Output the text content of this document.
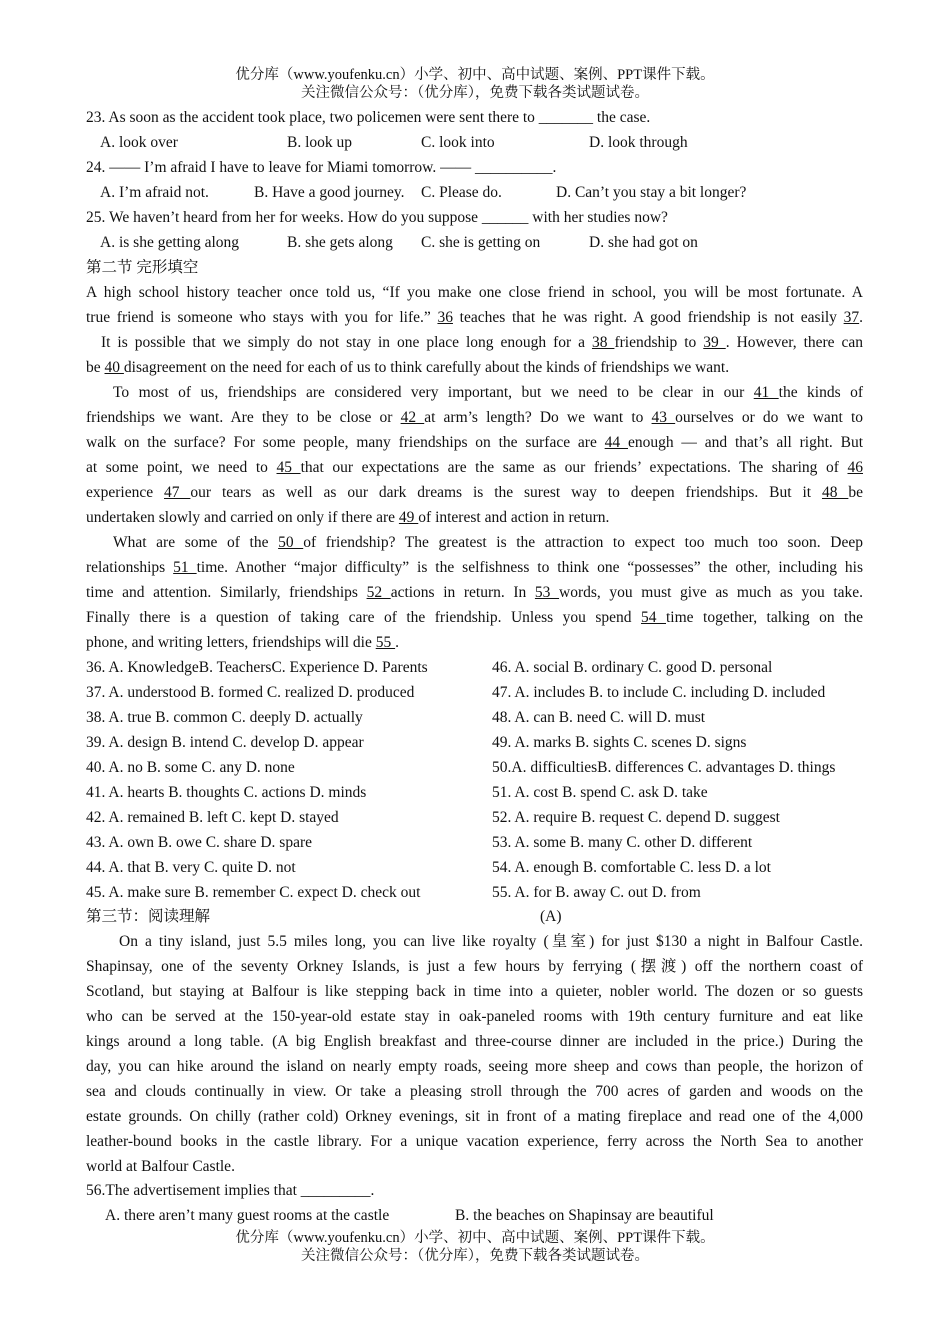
优分库（www.youfenku.cn）小学、初中、高中试题、案例、PPT课件下载。
关注微信公众号：（优分库），免费下载各类试题试卷。
23. As soon as the accident took place, two policemen were sent there to _______ the case.
A. look over	B. look up	C. look into	D. look through
24. —— I’m afraid I have to leave for Miami tomorrow. —— __________.
A. I’m afraid not.	B. Have a good journey. C. Please do.	D. Can’t you stay a bit longer?
25. We haven’t heard from her for weeks. How do you suppose ______ with her studies now?
A. is she getting along	B. she gets along C. she is getting on	D. she had got on
第二节 完形填空
A high school history teacher once told us, “If you make one close friend in school, you will be most fortunate. A
true friend is someone who stays with you for life.” 36 teaches that he was right. A good friendship is not easily 37.
It is possible that we simply do not stay in one place long enough for a 38 friendship to 39 . However, there can
be 40 disagreement on the need for each of us to think carefully about the kinds of friendships we want.
To most of us, friendships are considered very important, but we need to be clear in our 41 the kinds of
friendships we want. Are they to be close or 42 at arm’s length? Do we want to 43 ourselves or do we want to
walk on the surface? For some people, many friendships on the surface are 44 enough — and that’s all right. But
at some point, we need to 45 that our expectations are the same as our friends’ expectations. The sharing of 46
experience 47 our tears as well as our dark dreams is the surest way to deepen friendships. But it 48 be
undertaken slowly and carried on only if there are 49 of interest and action in return.
What are some of the 50 of friendship? The greatest is the attraction to expect too much too soon. Deep
relationships 51 time. Another “major difficulty” is the selfishness to think one “possesses” the other, including his
time and attention. Similarly, friendships 52 actions in return. In 53 words, you must give as much as you take.
Finally there is a question of taking care of the friendship. Unless you spend 54 time together, talking on the
phone, and writing letters, friendships will die 55 .
36. A. KnowledgeB. TeachersC. Experience D. Parents
37. A. understood B. formed C. realized D. produced
38. A. true B. common C. deeply D. actually
39. A. design B. intend C. develop D. appear
40. A. no B. some C. any D. none
41. A. hearts B. thoughts C. actions D. minds
42. A. remained B. left C. kept D. stayed
43. A. own B. owe C. share D. spare
44. A. that B. very C. quite D. not
45. A. make sure B. remember C. expect D. check out
46. A. social B. ordinary C. good D. personal
47. A. includes B. to include C. including D. included
48. A. can B. need C. will D. must
49. A. marks B. sights C. scenes D. signs
50.A. difficultiesB. differences C. advantages D. things
51. A. cost B. spend C. ask D. take
52. A. require B. request C. depend D. suggest
53. A. some B. many C. other D. different
54. A. enough B. comfortable C. less D. a lot
55. A. for B. away C. out D. from
第三节：阅读理解	(A)
On a tiny island, just 5.5 miles long, you can live like royalty (皇室) for just $130 a night in Balfour Castle.
Shapinsay, one of the seventy Orkney Islands, is just a few hours by ferrying (摆渡) off the northern coast of
Scotland, but staying at Balfour is like stepping back in time into a quieter, nobler world. The dozen or so guests
who can be served at the 150-year-old estate stay in oak-paneled rooms with 19th century furniture and eat like
kings around a long table. (A big English breakfast and three-course dinner are included in the price.) During the
day, you can hike around the island on nearly empty roads, seeing more sheep and cows than people, the horizon of
sea and clouds continually in view. Or take a pleasing stroll through the 700 acres of garden and woods on the
estate grounds. On chilly (rather cold) Orkney evenings, sit in front of a mating fireplace and read one of the 4,000
leather-bound books in the castle library. For a unique vacation experience, ferry across the North Sea to another
world at Balfour Castle.
56.The advertisement implies that _________.
A. there aren’t many guest rooms at the castle	B. the beaches on Shapinsay are beautiful
优分库（www.youfenku.cn）小学、初中、高中试题、案例、PPT课件下载。
关注微信公众号：（优分库），免费下载各类试题试卷。
